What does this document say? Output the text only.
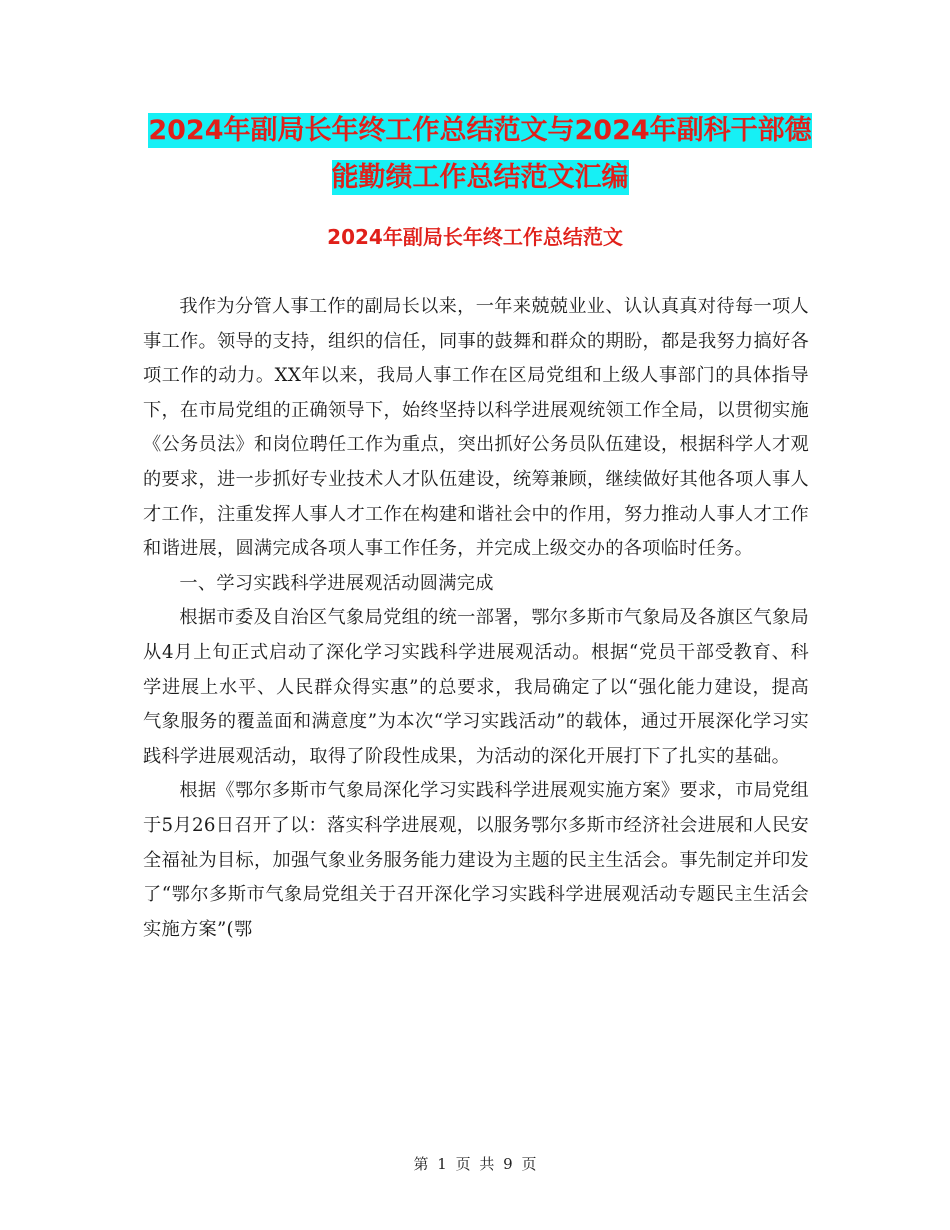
2024年副局长年终工作总结范文与2024年副科干部德
能勤绩工作总结范文汇编
2024年副局长年终工作总结范文

我作为分管人事工作的副局长以来，一年来兢兢业业、认认真真对待每一项人事工作。领导的支持，组织的信任，同事的鼓舞和群众的期盼，都是我努力搞好各项工作的动力。XX年以来，我局人事工作在区局党组和上级人事部门的具体指导下，在市局党组的正确领导下，始终坚持以科学进展观统领工作全局，以贯彻实施《公务员法》和岗位聘任工作为重点，突出抓好公务员队伍建设，根据科学人才观的要求，进一步抓好专业技术人才队伍建设，统筹兼顾，继续做好其他各项人事人才工作，注重发挥人事人才工作在构建和谐社会中的作用，努力推动人事人才工作和谐进展，圆满完成各项人事工作任务，并完成上级交办的各项临时任务。

一、学习实践科学进展观活动圆满完成

根据市委及自治区气象局党组的统一部署，鄂尔多斯市气象局及各旗区气象局从4月上旬正式启动了深化学习实践科学进展观活动。根据“党员干部受教育、科学进展上水平、人民群众得实惠”的总要求，我局确定了以“强化能力建设，提高气象服务的覆盖面和满意度”为本次“学习实践活动”的载体，通过开展深化学习实践科学进展观活动，取得了阶段性成果，为活动的深化开展打下了扎实的基础。

根据《鄂尔多斯市气象局深化学习实践科学进展观实施方案》要求，市局党组于5月26日召开了以：落实科学进展观，以服务鄂尔多斯市经济社会进展和人民安全福祉为目标，加强气象业务服务能力建设为主题的民主生活会。事先制定并印发了“鄂尔多斯市气象局党组关于召开深化学习实践科学进展观活动专题民主生活会实施方案”(鄂

第 1 页 共 9 页
